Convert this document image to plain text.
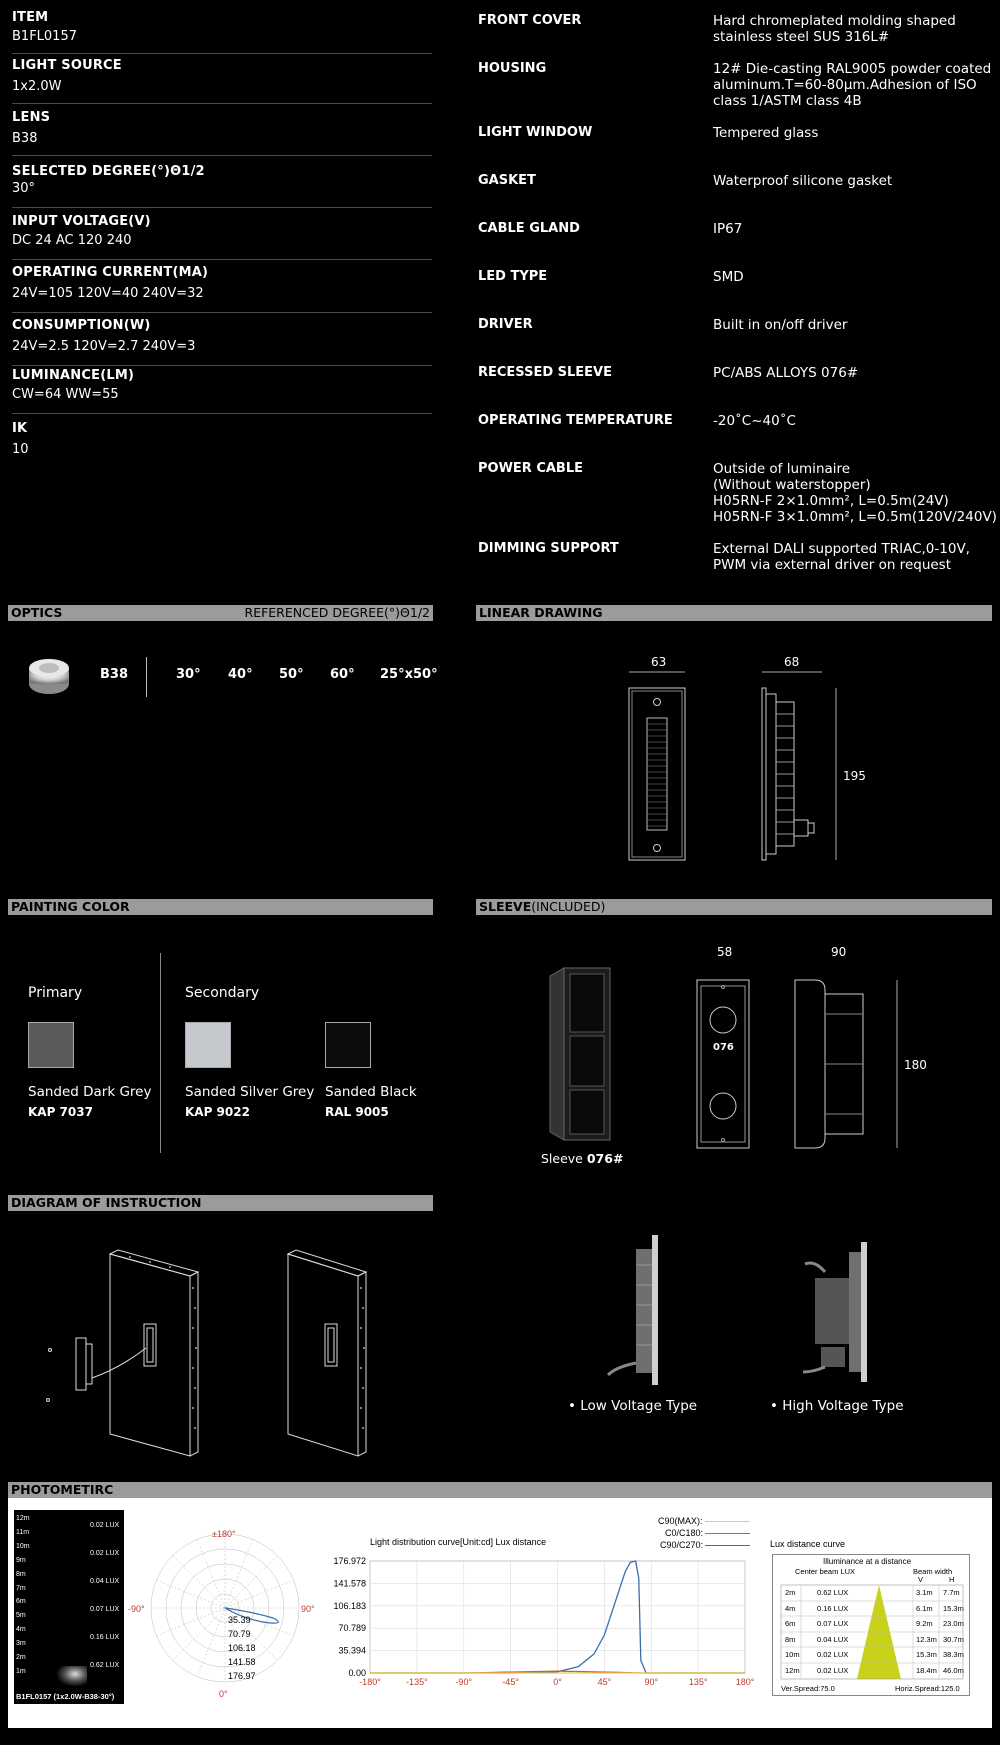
ITEM
B1FL0157
LIGHT SOURCE
1x2.0W
LENS
B38
SELECTED DEGREE(°)Θ1/2
30°
INPUT VOLTAGE(V)
DC 24 AC 120 240
OPERATING CURRENT(MA)
24V=105 120V=40 240V=32
CONSUMPTION(W)
24V=2.5 120V=2.7 240V=3
LUMINANCE(LM)
CW=64 WW=55
IK
10
FRONT COVER	Hard chromeplated molding shaped
stainless steel SUS 316L#
HOUSING	12# Die-casting RAL9005 powder coated
aluminum.T=60-80μm.Adhesion of ISO
class 1/ASTM class 4B
LIGHT WINDOW	Tempered glass
GASKET	Waterproof silicone gasket
CABLE GLAND	IP67
LED TYPE	SMD
DRIVER	Built in on/off driver
RECESSED SLEEVE	PC/ABS ALLOYS 076#
OPERATING TEMPERATURE	-20˚C~40˚C
POWER CABLE	Outside of luminaire
(Without waterstopper)
H05RN-F 2×1.0mm², L=0.5m(24V)
H05RN-F 3×1.0mm², L=0.5m(120V/240V)
DIMMING SUPPORT	External DALI supported TRIAC,0-10V,
PWM via external driver on request
OPTICS	REFERENCED DEGREE(°)Θ1/2
B38	30° 40° 50° 60° 25°x50°
LINEAR DRAWING
63	68
195
PAINTING COLOR
Primary	Secondary
Sanded Dark Grey
KAP 7037
Sanded Silver Grey
KAP 9022
Sanded Black
RAL 9005
SLEEVE(INCLUDED)
076
58	90
180
Sleeve 076#
DIAGRAM OF INSTRUCTION
• Low Voltage Type	• High Voltage Type
PHOTOMETIRC
12m
11m
10m
9m
8m
7m
6m
5m
4m
3m
2m
1m
0.02 LUX
0.02 LUX
0.04 LUX
0.07 LUX
0.16 LUX
0.62 LUX
B1FL0157 (1x2.0W-B38-30°)
±180°
-90°	90°
0°
35.39
70.79
106.18
141.58
176.97
Light distribution curve[Unit:cd] Lux distance
C90(MAX):
C0/C180:
C90/C270:
176.972
141.578
106.183
70.789
35.394
0.00
-180°	-135°	-90°	-45°	0°	45°	90°	135°	180°
Lux distance curve
Illuminance at a distance
Center beam LUX	Beam width
V	H
2m	0.62 LUX	3.1m 7.7m
4m	0.16 LUX	6.1m 15.3m
6m	0.07 LUX	9.2m 23.0m
8m	0.04 LUX	12.3m 30.7m
10m 0.02 LUX	15.3m 38.3m
12m 0.02 LUX	18.4m 46.0m
Ver.Spread:75.0	Horiz.Spread:125.0
